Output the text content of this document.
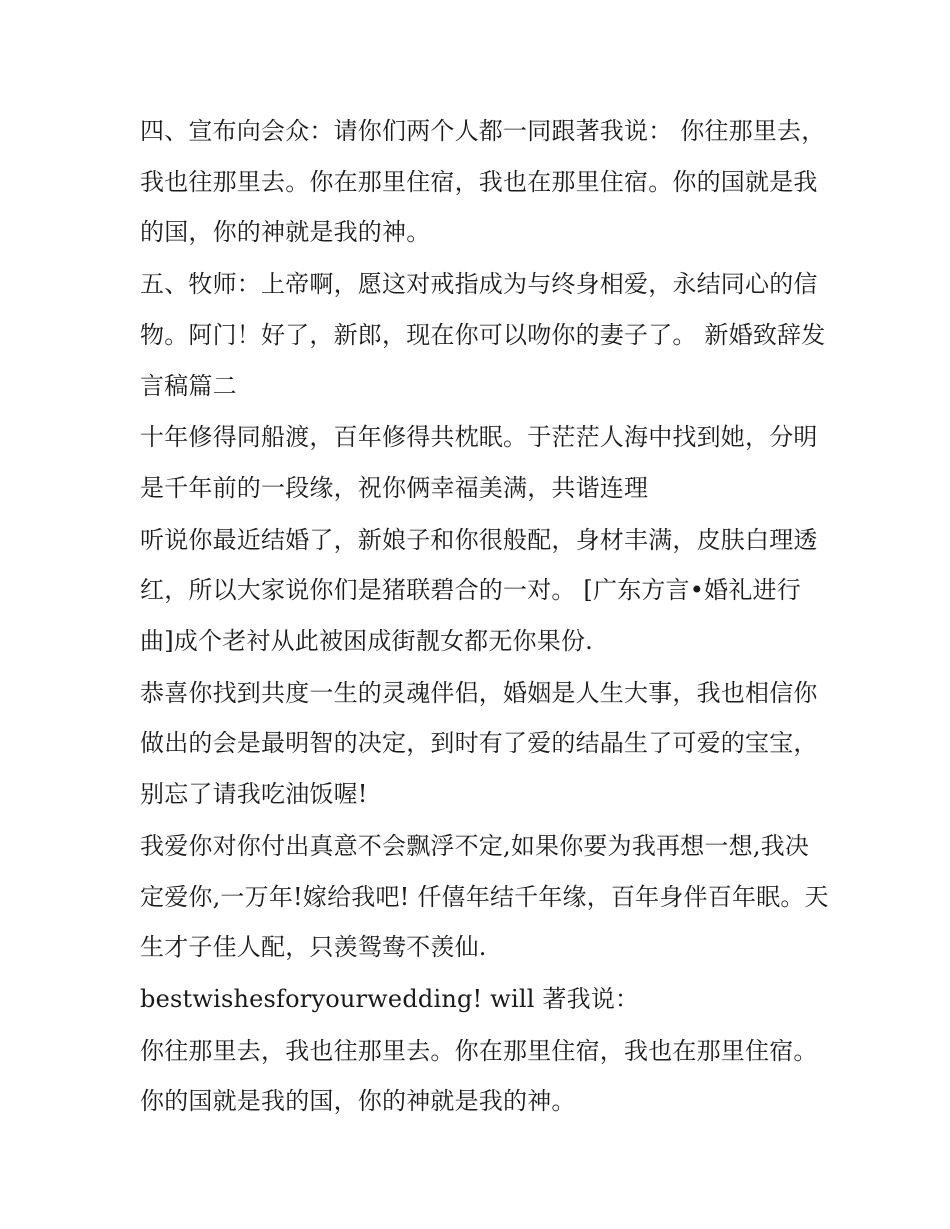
四、宣布向会众：请你们两个人都一同跟著我说： 你往那里去，我也往那里去。你在那里住宿，我也在那里住宿。你的国就是我的国，你的神就是我的神。

五、牧师：上帝啊，愿这对戒指成为与终身相爱，永结同心的信物。阿门！好了，新郎，现在你可以吻你的妻子了。 新婚致辞发言稿篇二

十年修得同船渡，百年修得共枕眠。于茫茫人海中找到她，分明是千年前的一段缘，祝你俩幸福美满，共谐连理

听说你最近结婚了，新娘子和你很般配，身材丰满，皮肤白理透红，所以大家说你们是猪联碧合的一对。 [广东方言•婚礼进行曲]成个老衬从此被困成街靓女都无你果份.

恭喜你找到共度一生的灵魂伴侣，婚姻是人生大事，我也相信你做出的会是最明智的决定，到时有了爱的结晶生了可爱的宝宝，别忘了请我吃油饭喔!

我爱你对你付出真意不会飘浮不定,如果你要为我再想一想,我决定爱你,一万年!嫁给我吧! 仟僖年结千年缘，百年身伴百年眠。天生才子佳人配，只羡鸳鸯不羡仙.

bestwishesforyourwedding! will 著我说：

你往那里去，我也往那里去。你在那里住宿，我也在那里住宿。你的国就是我的国，你的神就是我的神。
